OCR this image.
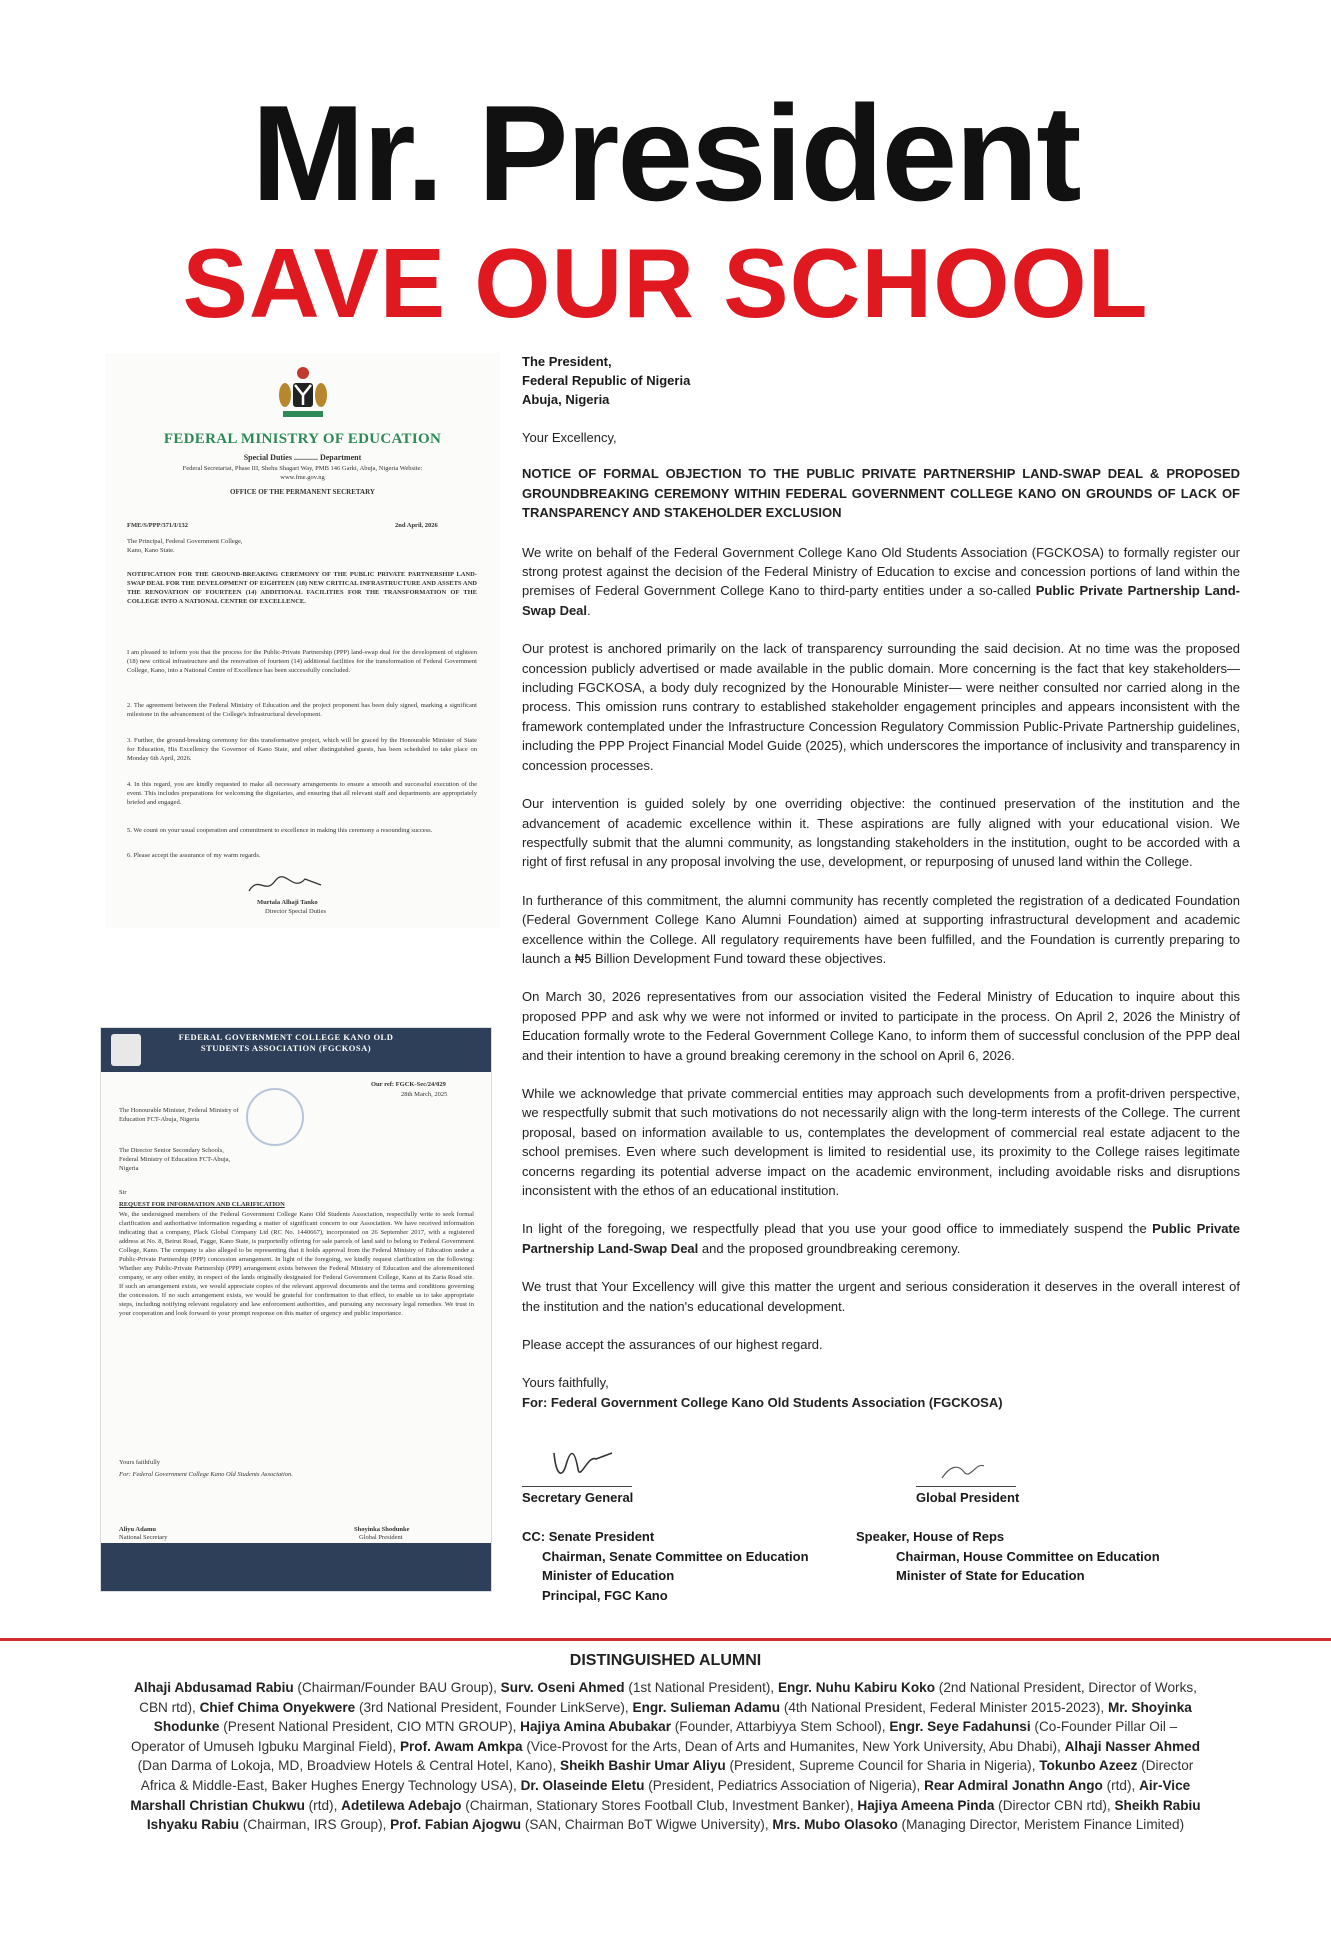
Mr. President
SAVE OUR SCHOOL
FEDERAL MINISTRY OF EDUCATION
Special Duties ............ Department
Federal Secretariat, Phase III, Shehu Shagari Way, PMB 146 Garki, Abuja, Nigeria Website: www.fme.gov.ng
OFFICE OF THE PERMANENT SECRETARY
FME/S/PPP/371/I/132	2nd April, 2026
The Principal, Federal Government College, Kano, Kano State.
NOTIFICATION FOR THE GROUND-BREAKING CEREMONY OF THE PUBLIC PRIVATE PARTNERSHIP LAND-SWAP DEAL FOR THE DEVELOPMENT OF EIGHTEEN (18) NEW CRITICAL INFRASTRUCTURE AND ASSETS AND THE RENOVATION OF FOURTEEN (14) ADDITIONAL FACILITIES FOR THE TRANSFORMATION OF THE COLLEGE INTO A NATIONAL CENTRE OF EXCELLENCE.
I am pleased to inform you that the process for the Public-Private Partnership (PPP) land-swap deal for the development of eighteen (18) new critical infrastructure and the renovation of fourteen (14) additional facilities for the transformation of Federal Government College, Kano, into a National Centre of Excellence has been successfully concluded.
2. The agreement between the Federal Ministry of Education and the project proponent has been duly signed, marking a significant milestone in the advancement of the College's infrastructural development.
3. Further, the ground-breaking ceremony for this transformative project, which will be graced by the Honourable Minister of State for Education, His Excellency the Governor of Kano State, and other distinguished guests, has been scheduled to take place on Monday 6th April, 2026.
4. In this regard, you are kindly requested to make all necessary arrangements to ensure a smooth and successful execution of the event. This includes preparations for welcoming the dignitaries, and ensuring that all relevant staff and departments are appropriately briefed and engaged.
5. We count on your usual cooperation and commitment to excellence in making this ceremony a resounding success.
6. Please accept the assurance of my warm regards.
Murtala Alhaji Tanko
Director Special Duties
FEDERAL GOVERNMENT COLLEGE KANO OLD STUDENTS ASSOCIATION (FGCKOSA)
Our ref: FGCK-Sec/24/029
28th March, 2025
The Honourable Minister, Federal Ministry of Education FCT-Abuja, Nigeria
The Director Senior Secondary Schools, Federal Ministry of Education FCT-Abuja, Nigeria
Sir
REQUEST FOR INFORMATION AND CLARIFICATION
We, the undersigned members of the Federal Government College Kano Old Students Association, respectfully write to seek formal clarification and authoritative information regarding a matter of significant concern to our Association. We have received information indicating that a company, Plack Global Company Ltd (RC No. 1440667), incorporated on 26 September 2017, with a registered address at No. 8, Beirut Road, Fagge, Kano State, is purportedly offering for sale parcels of land said to belong to Federal Government College, Kano. The company is also alleged to be representing that it holds approval from the Federal Ministry of Education under a Public-Private Partnership (PPP) concession arrangement. In light of the foregoing, we kindly request clarification on the following: Whether any Public-Private Partnership (PPP) arrangement exists between the Federal Ministry of Education and the aforementioned company, or any other entity, in respect of the lands originally designated for Federal Government College, Kano at its Zaria Road site. If such an arrangement exists, we would appreciate copies of the relevant approval documents and the terms and conditions governing the concession. If no such arrangement exists, we would be grateful for confirmation to that effect, to enable us to take appropriate steps, including notifying relevant regulatory and law enforcement authorities, and pursuing any necessary legal remedies. We trust in your cooperation and look forward to your prompt response on this matter of urgency and public importance.
Yours faithfully
For: Federal Government College Kano Old Students Association.
Aliyu Adamu
National Secretary
Shoyinka Shodunke
Global President
The President,
Federal Republic of Nigeria
Abuja, Nigeria

Your Excellency,

NOTICE OF FORMAL OBJECTION TO THE PUBLIC PRIVATE PARTNERSHIP LAND-SWAP DEAL & PROPOSED GROUNDBREAKING CEREMONY WITHIN FEDERAL GOVERNMENT COLLEGE KANO ON GROUNDS OF LACK OF TRANSPARENCY AND STAKEHOLDER EXCLUSION

We write on behalf of the Federal Government College Kano Old Students Association (FGCKOSA) to formally register our strong protest against the decision of the Federal Ministry of Education to excise and concession portions of land within the premises of Federal Government College Kano to third-party entities under a so-called Public Private Partnership Land-Swap Deal.

Our protest is anchored primarily on the lack of transparency surrounding the said decision. At no time was the proposed concession publicly advertised or made available in the public domain. More concerning is the fact that key stakeholders—including FGCKOSA, a body duly recognized by the Honourable Minister— were neither consulted nor carried along in the process. This omission runs contrary to established stakeholder engagement principles and appears inconsistent with the framework contemplated under the Infrastructure Concession Regulatory Commission Public-Private Partnership guidelines, including the PPP Project Financial Model Guide (2025), which underscores the importance of inclusivity and transparency in concession processes.

Our intervention is guided solely by one overriding objective: the continued preservation of the institution and the advancement of academic excellence within it. These aspirations are fully aligned with your educational vision. We respectfully submit that the alumni community, as longstanding stakeholders in the institution, ought to be accorded with a right of first refusal in any proposal involving the use, development, or repurposing of unused land within the College.

In furtherance of this commitment, the alumni community has recently completed the registration of a dedicated Foundation (Federal Government College Kano Alumni Foundation) aimed at supporting infrastructural development and academic excellence within the College. All regulatory requirements have been fulfilled, and the Foundation is currently preparing to launch a ₦5 Billion Development Fund toward these objectives.

On March 30, 2026 representatives from our association visited the Federal Ministry of Education to inquire about this proposed PPP and ask why we were not informed or invited to participate in the process. On April 2, 2026 the Ministry of Education formally wrote to the Federal Government College Kano, to inform them of successful conclusion of the PPP deal and their intention to have a ground breaking ceremony in the school on April 6, 2026.

While we acknowledge that private commercial entities may approach such developments from a profit-driven perspective, we respectfully submit that such motivations do not necessarily align with the long-term interests of the College. The current proposal, based on information available to us, contemplates the development of commercial real estate adjacent to the school premises. Even where such development is limited to residential use, its proximity to the College raises legitimate concerns regarding its potential adverse impact on the academic environment, including avoidable risks and disruptions inconsistent with the ethos of an educational institution.

In light of the foregoing, we respectfully plead that you use your good office to immediately suspend the Public Private Partnership Land-Swap Deal and the proposed groundbreaking ceremony.

We trust that Your Excellency will give this matter the urgent and serious consideration it deserves in the overall interest of the institution and the nation's educational development.

Please accept the assurances of our highest regard.

Yours faithfully,

For: Federal Government College Kano Old Students Association (FGCKOSA)

Secretary General	Global President
CC: Senate President
Chairman, Senate Committee on Education
Minister of Education
Principal, FGC Kano
Speaker, House of Reps
Chairman, House Committee on Education
Minister of State for Education
DISTINGUISHED ALUMNI
Alhaji Abdusamad Rabiu (Chairman/Founder BAU Group), Surv. Oseni Ahmed (1st National President), Engr. Nuhu Kabiru Koko (2nd National President, Director of Works, CBN rtd), Chief Chima Onyekwere (3rd National President, Founder LinkServe), Engr. Sulieman Adamu (4th National President, Federal Minister 2015-2023), Mr. Shoyinka Shodunke (Present National President, CIO MTN GROUP), Hajiya Amina Abubakar (Founder, Attarbiyya Stem School), Engr. Seye Fadahunsi (Co-Founder Pillar Oil – Operator of Umuseh Igbuku Marginal Field), Prof. Awam Amkpa (Vice-Provost for the Arts, Dean of Arts and Humanites, New York University, Abu Dhabi), Alhaji Nasser Ahmed (Dan Darma of Lokoja, MD, Broadview Hotels & Central Hotel, Kano), Sheikh Bashir Umar Aliyu (President, Supreme Council for Sharia in Nigeria), Tokunbo Azeez (Director Africa & Middle-East, Baker Hughes Energy Technology USA), Dr. Olaseinde Eletu (President, Pediatrics Association of Nigeria), Rear Admiral Jonathn Ango (rtd), Air-Vice Marshall Christian Chukwu (rtd), Adetilewa Adebajo (Chairman, Stationary Stores Football Club, Investment Banker), Hajiya Ameena Pinda (Director CBN rtd), Sheikh Rabiu Ishyaku Rabiu (Chairman, IRS Group), Prof. Fabian Ajogwu (SAN, Chairman BoT Wigwe University), Mrs. Mubo Olasoko (Managing Director, Meristem Finance Limited)
